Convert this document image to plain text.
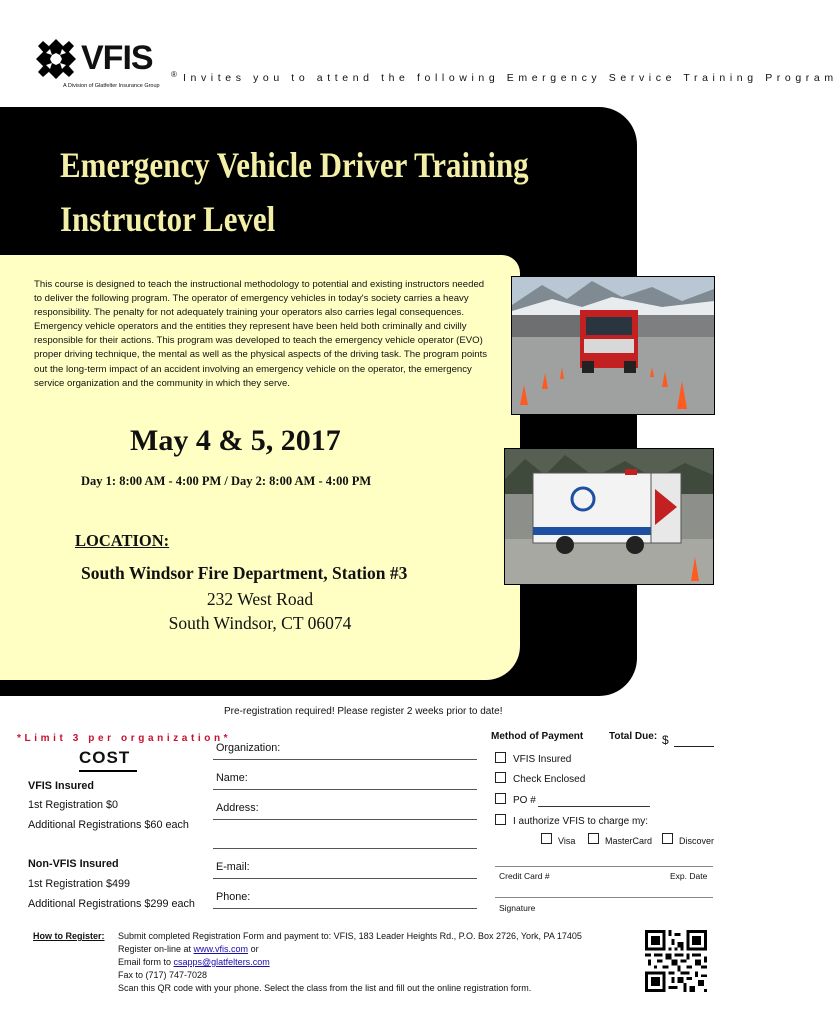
VFIS ®
A Division of Glatfelter Insurance Group
Invites you to attend the following Emergency Service Training Program
Emergency Vehicle Driver Training
Instructor Level
This course is designed to teach the instructional methodology to potential and existing instructors needed to deliver the following program. The operator of emergency vehicles in today's society carries a heavy responsibility. The penalty for not adequately training your operators also carries legal consequences. Emergency vehicle operators and the entities they represent have been held both criminally and civilly responsible for their actions. This program was developed to teach the emergency vehicle operator (EVO) proper driving technique, the mental as well as the physical aspects of the driving task. The program points out the long-term impact of an accident involving an emergency vehicle on the operator, the emergency service organization and the community in which they serve.
May 4 & 5, 2017
Day 1: 8:00 AM - 4:00 PM / Day 2: 8:00 AM - 4:00 PM
LOCATION:
South Windsor Fire Department, Station #3
232 West Road
South Windsor, CT 06074
Pre-registration required! Please register 2 weeks prior to date!
*Limit 3 per organization*
COST
VFIS Insured
1st Registration $0
Additional Registrations $60 each
Non-VFIS Insured
1st Registration $499
Additional Registrations $299 each
Organization:
Name:
Address:
E-mail:
Phone:
Method of Payment	Total Due: $
VFIS Insured
Check Enclosed
PO #
I authorize VFIS to charge my:
Visa	MasterCard	Discover
Credit Card #	Exp. Date
Signature
How to Register: Submit completed Registration Form and payment to: VFIS, 183 Leader Heights Rd., P.O. Box 2726, York, PA 17405
Register on-line at www.vfis.com or
Email form to csapps@glatfelters.com
Fax to (717) 747-7028
Scan this QR code with your phone. Select the class from the list and fill out the online registration form.
